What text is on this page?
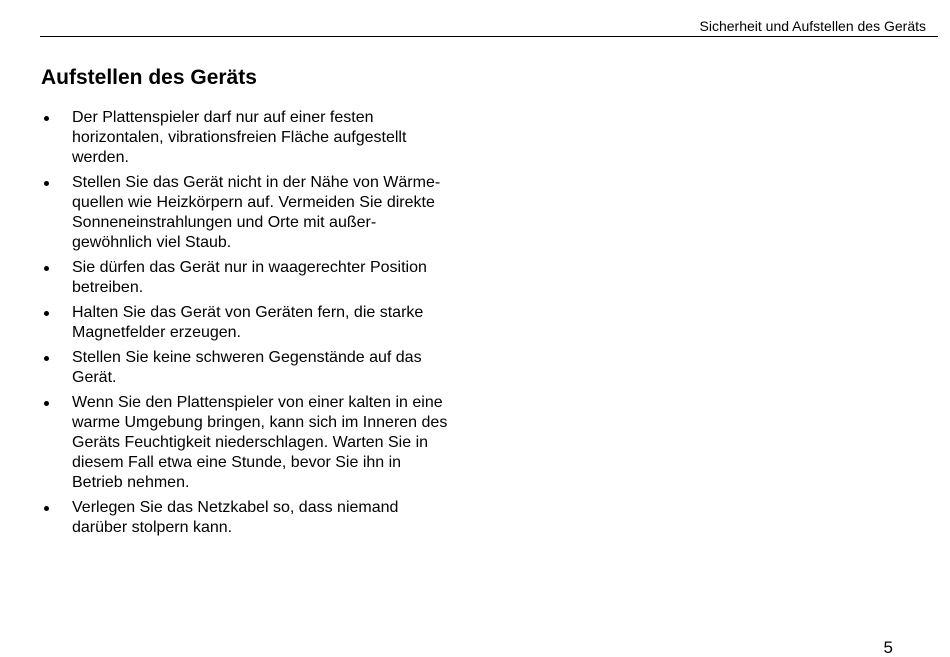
Sicherheit und Aufstellen des Geräts
Aufstellen des Geräts
Der Plattenspieler darf nur auf einer festen
horizontalen, vibrationsfreien Fläche aufgestellt
werden.
Stellen Sie das Gerät nicht in der Nähe von Wärme-
quellen wie Heizkörpern auf. Vermeiden Sie direkte
Sonneneinstrahlungen und Orte mit außer-
gewöhnlich viel Staub.
Sie dürfen das Gerät nur in waagerechter Position
betreiben.
Halten Sie das Gerät von Geräten fern, die starke
Magnetfelder erzeugen.
Stellen Sie keine schweren Gegenstände auf das
Gerät.
Wenn Sie den Plattenspieler von einer kalten in eine
warme Umgebung bringen, kann sich im Inneren des
Geräts Feuchtigkeit niederschlagen. Warten Sie in
diesem Fall etwa eine Stunde, bevor Sie ihn in
Betrieb nehmen.
Verlegen Sie das Netzkabel so, dass niemand
darüber stolpern kann.
5
